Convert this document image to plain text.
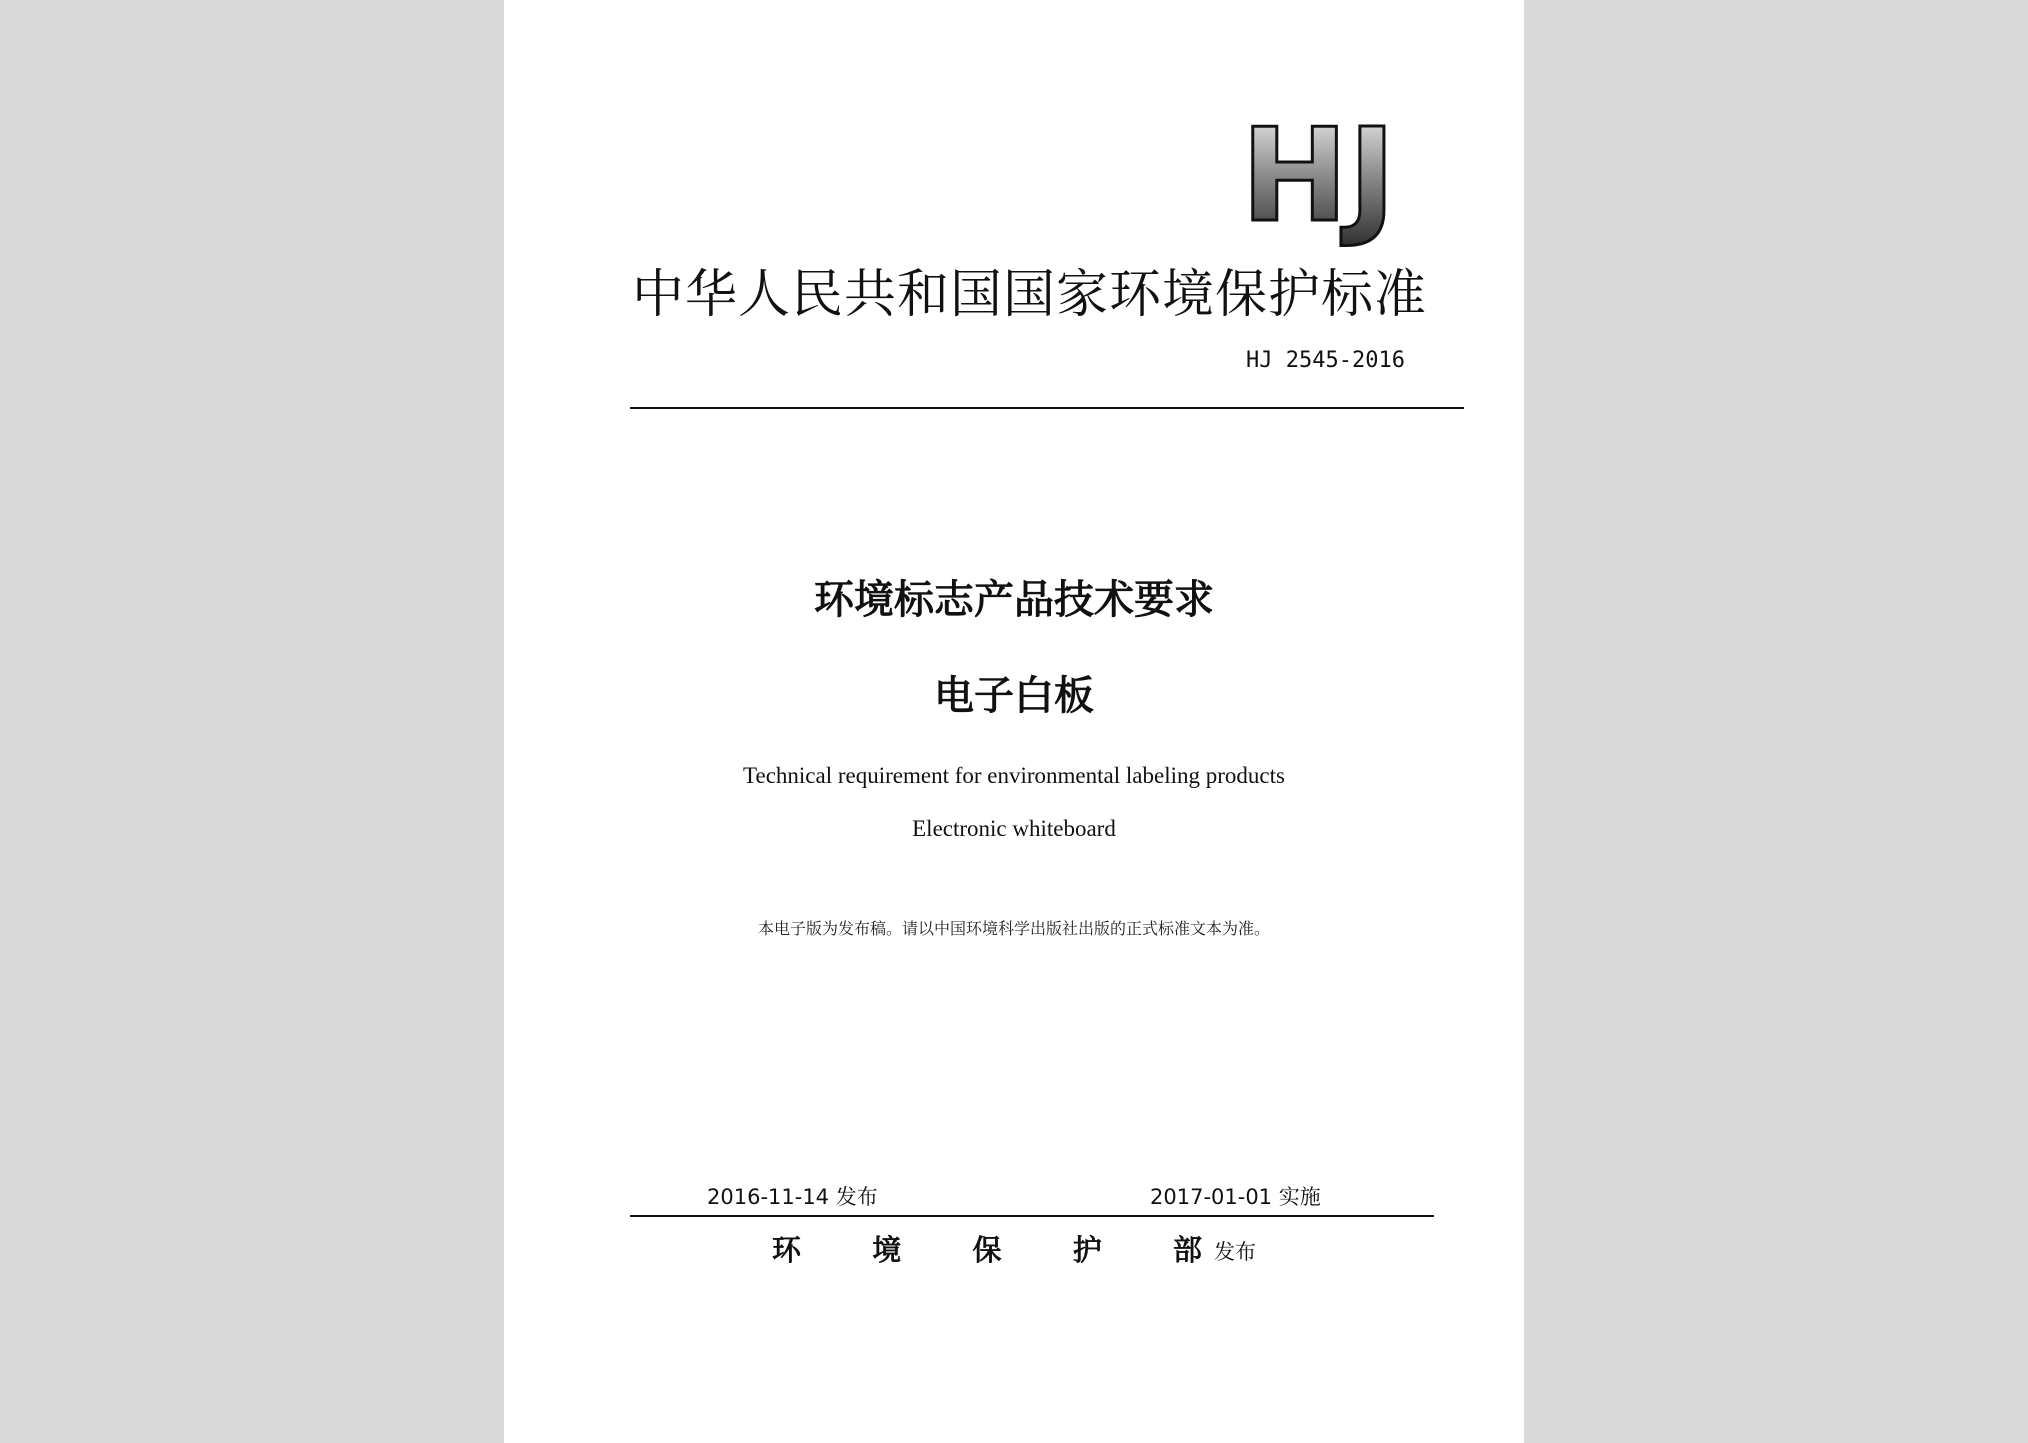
HJ
中华人民共和国国家环境保护标准
HJ 2545-2016
环境标志产品技术要求
电子白板
Technical requirement for environmental labeling products
Electronic whiteboard
本电子版为发布稿。请以中国环境科学出版社出版的正式标准文本为准。
2016-11-14 发布	2017-01-01 实施
环 境 保 护 部 发布
